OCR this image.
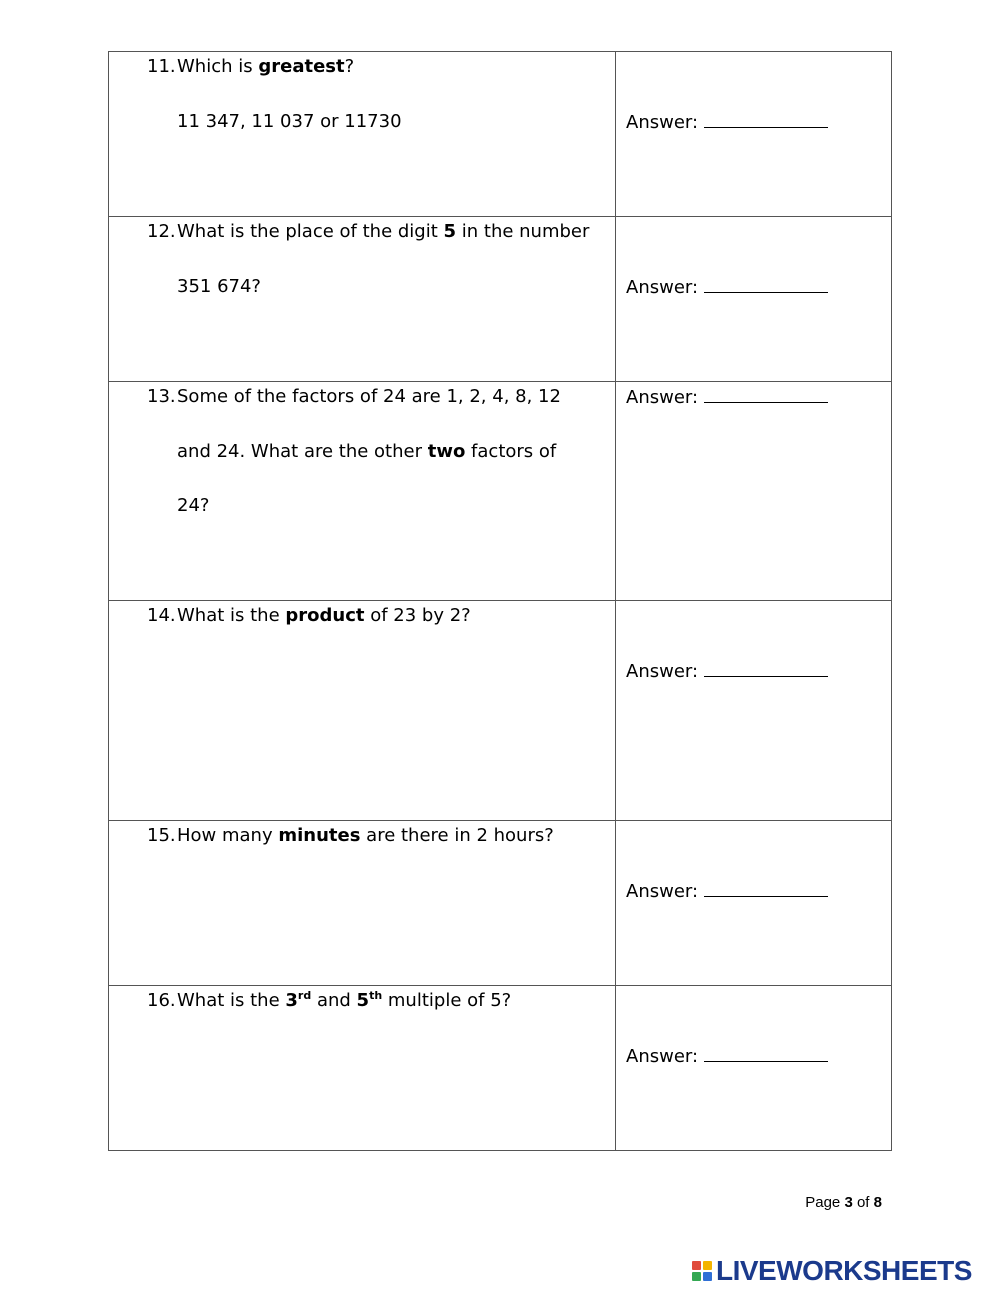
11.Which is greatest?
11 347, 11 037 or 11730	Answer:

12.What is the place of the digit 5 in the number
351 674?	Answer:

13.Some of the factors of 24 are 1, 2, 4, 8, 12
and 24. What are the other two factors of
24?	Answer:

14.What is the product of 23 by 2?	Answer:

15.How many minutes are there in 2 hours?	Answer:

16.What is the 3rd and 5th multiple of 5?	Answer:
Page 3 of 8
LIVEWORKSHEETS
